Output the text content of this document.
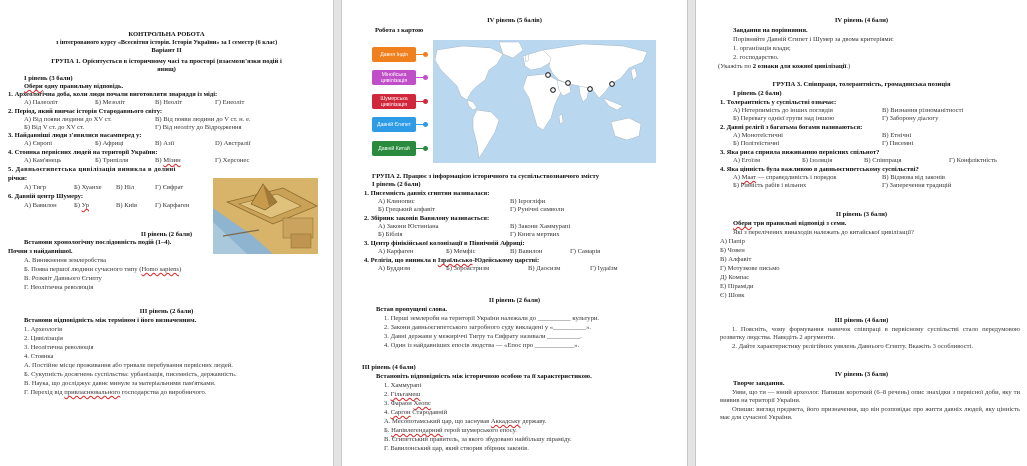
КОНТРОЛЬНА РОБОТА
з інтегрованого курсу «Всесвітня історія. Історія України» за І семестр (6 клас)
Варіант ІІ
ГРУПА 1. Орієнтується в історичному часі та просторі (взаємозв'язки подій і
явищ)
І рівень (3 бали)
Обери одну правильну відповідь.
1. Археологічна доба, коли люди почали виготовляти знаряддя із міді:
А) Палеоліт	Б) Мезоліт	В) Неоліт	Г) Енеоліт
2. Період, який вивчає історія Стародавнього світу:
А) Від появи людини до XV ст.	В) Від появи людини до V ст. н. е.
Б) Від V ст. до XV ст.	Г) Від неоліту до Відродження
3. Найдавніші люди з'явилися насамперед у:
А) Європі	Б) Африці	В) Азії	D) Австралії
4. Стоянка первісних людей на території України:
А) Кам'янець	Б) Трипілля	В) Мізин	Г) Херсонес
5. Давньоєгипетська цивілізація виникла в долині
річки:
А) Тигр	Б) Хуанхе В) Ніл	Г) Євфрат
6. Давній центр Шумеру:
А) Вавилон	Б) Ур	В) Київ	Г) Карфаген
ІІ рівень (2 бали)
Встанови хронологічну послідовність подій (1–4).
Почни з найдавнішої.
А. Виникнення землеробства
Б. Поява першої людини сучасного типу (Homo sapiens)
В. Розквіт Давнього Єгипту
Г. Неолітична революція
ІІІ рівень (2 бали)
Встанови відповідність між терміном і його визначенням.
1. Археологія
2. Цивілізація
3. Неолітична революція
4. Стоянка
А. Постійне місце проживання або тривале перебування первісних людей.
Б. Сукупність досягнень суспільства: урбанізація, писемність, державність.
В. Наука, що досліджує давнє минуле за матеріальними пам'ятками.
Г. Перехід від привласнювального господарства до виробничого.
IV рівень (5 балів)
Робота з картою
Давня Індія
Мінойська цивілізація
Шумерська цивілізація
Давній Єгипет
Давній Китай
ГРУПА 2. Працює з інформацією історичного та суспільствознавчого змісту
І рівень (2 бали)
1. Писемність давніх єгиптян називалася:
А) Клинопис	В) Ієрогліфи
Б) Грецький алфавіт	Г) Рунічні символи
2. Збірник законів Вавилону називається:
А) Закони Юстиніана	В) Закони Хаммурапі
Б) Біблія	Г) Книга мертвих
3. Центр фінікійської колонізації в Північній Африці:
А) Карфаген	Б) Мемфіс	В) Вавилон	Г) Самарія
4. Релігія, що виникла в Ізраїльсько-Юдейському царстві:
А) Буддизм	Б) Зороастризм	В) Даосизм	Г) Іудаїзм
ІІ рівень (2 бали)
Встав пропущені слова.
1. Перші землероби на території України належали до __________ культури.
2. Закони давньоєгипетського загробного суду викладені у «__________».
3. Давні держави у межиріччі Тигру та Євфрату називали __________.
4. Один із найдавніших епосів людства — «Епос про ____________».
ІІІ рівень (4 бали)
Встановіть відповідність між історичною особою та її характеристикою.
1. Хаммурапі
2. Гільгамеш
3. Фараон Хеопс
4. Саргон Стародавній
А. Месопотамський цар, що заснував Аккадську державу.
Б. Напівлегендарний герой шумерського епосу.
В. Єгипетський правитель, за якого збудовано найбільшу піраміду.
Г. Вавилонський цар, який створив збірник законів.
IV рівень (4 бали)
Завдання на порівняння.
Порівняйте Давній Єгипет і Шумер за двома критеріями:
1. організація влади;
2. господарство.
(Укажіть по 2 ознаки для кожної цивілізації.)
ГРУПА 3. Співпраця, толерантність, громадянська позиція
І рівень (2 бали)
1. Толерантність у суспільстві означає:
А) Нетерпимість до інших поглядів	В) Визнання різноманітності
Б) Перевагу однієї групи над іншою	Г) Заборону діалогу
2. Давні релігії з багатьма богами називаються:
А) Монотеїстичні	В) Етнічні
Б) Політеїстичні	Г) Писемні
3. Яка риса сприяла виживанню первісних спільнот?
А) Егоїзм	Б) Ізоляція	В) Співпраця	Г) Конфліктність
4. Яка цінність була важливою в давньоєгипетському суспільстві?
А) Маат — справедливість і порядок	В) Відмова від законів
Б) Рівність рабів і вільних	Г) Заперечення традицій
ІІ рівень (3 бали)
Обери три правильні відповіді з семи.
Які з перелічених винаходів належать до китайської цивілізації?
А) Папір
Б) Човен
В) Алфавіт
Г) Мотузкове письмо
Д) Компас
Е) Піраміди
Є) Шовк
ІІІ рівень (4 бали)
1. Поясніть, чому формування навичок співпраці в первісному суспільстві стало передумовою розвитку людства. Наведіть 2 аргументи.
2. Дайте характеристику релігійних уявлень Давнього Єгипту. Вкажіть 3 особливості.
IV рівень (3 бали)
Творче завдання.
Уяви, що ти — юний археолог. Напиши короткий (6–8 речень) опис знахідки з первісної доби, яку ти виявив на території України.
Опиши: вигляд предмета, його призначення, що він розповідає про життя давніх людей, яку цінність має для сучасної України.
